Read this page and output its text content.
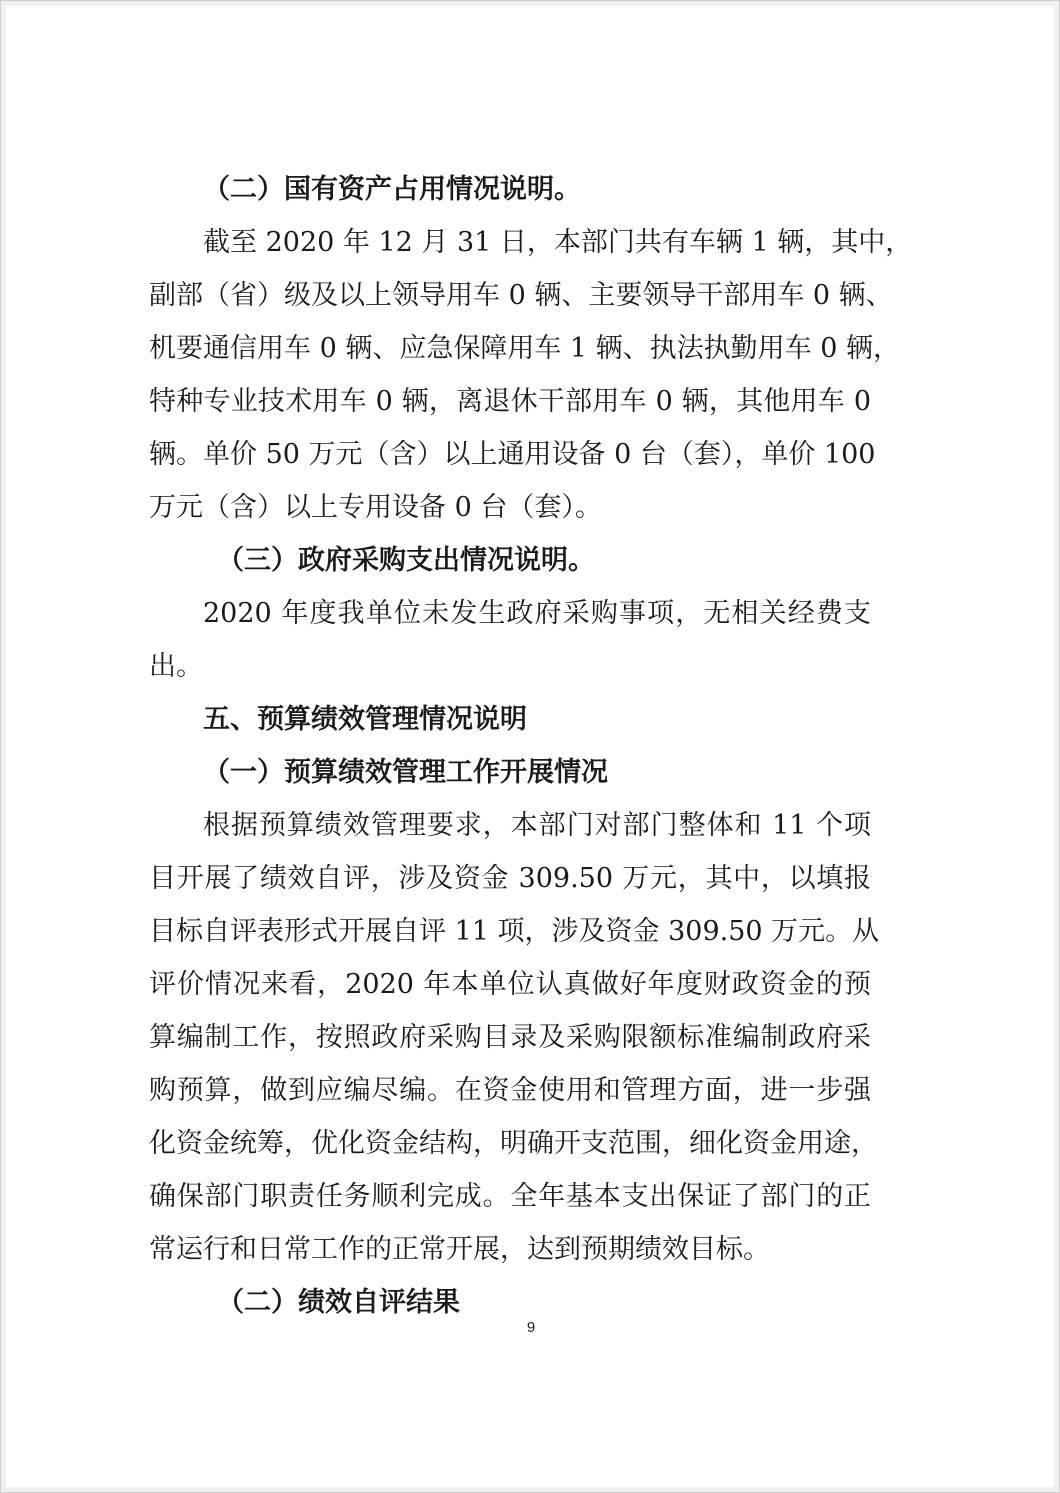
（二）国有资产占用情况说明。
截至 2020 年 12 月 31 日，本部门共有车辆 1 辆，其中，
副部（省）级及以上领导用车 0 辆、主要领导干部用车 0 辆、
机要通信用车 0 辆、应急保障用车 1 辆、执法执勤用车 0 辆，
特种专业技术用车 0 辆，离退休干部用车 0 辆，其他用车 0
辆。单价 50 万元（含）以上通用设备 0 台（套），单价 100
万元（含）以上专用设备 0 台（套）。
（三）政府采购支出情况说明。
2020 年度我单位未发生政府采购事项，无相关经费支
出。
五、预算绩效管理情况说明
（一）预算绩效管理工作开展情况
根据预算绩效管理要求，本部门对部门整体和 11 个项
目开展了绩效自评，涉及资金 309.50 万元，其中，以填报
目标自评表形式开展自评 11 项，涉及资金 309.50 万元。从
评价情况来看，2020 年本单位认真做好年度财政资金的预
算编制工作，按照政府采购目录及采购限额标准编制政府采
购预算，做到应编尽编。在资金使用和管理方面，进一步强
化资金统筹，优化资金结构，明确开支范围，细化资金用途，
确保部门职责任务顺利完成。全年基本支出保证了部门的正
常运行和日常工作的正常开展，达到预期绩效目标。
（二）绩效自评结果
9
